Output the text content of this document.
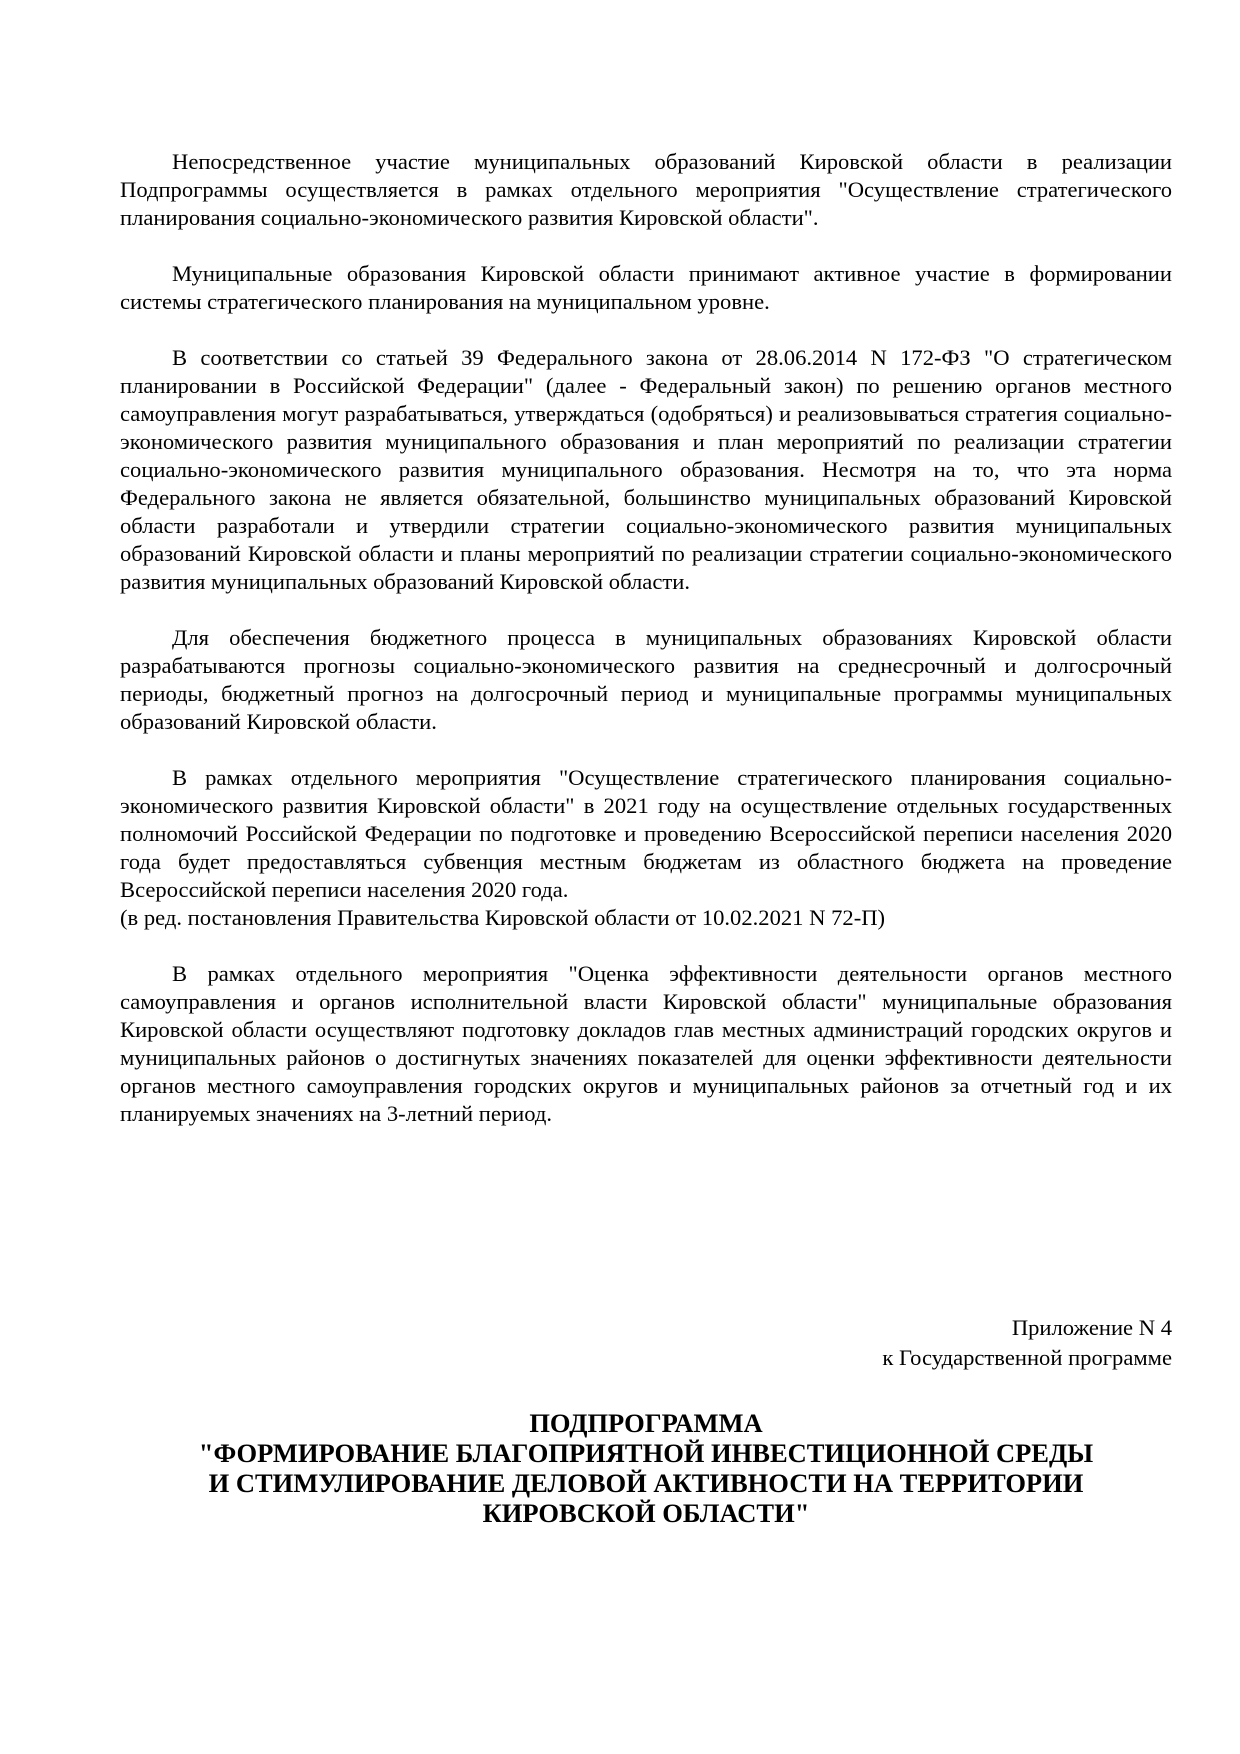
Непосредственное участие муниципальных образований Кировской области в реализации Подпрограммы осуществляется в рамках отдельного мероприятия "Осуществление стратегического планирования социально-экономического развития Кировской области".

Муниципальные образования Кировской области принимают активное участие в формировании системы стратегического планирования на муниципальном уровне.

В соответствии со статьей 39 Федерального закона от 28.06.2014 N 172-ФЗ "О стратегическом планировании в Российской Федерации" (далее - Федеральный закон) по решению органов местного самоуправления могут разрабатываться, утверждаться (одобряться) и реализовываться стратегия социально-экономического развития муниципального образования и план мероприятий по реализации стратегии социально-экономического развития муниципального образования. Несмотря на то, что эта норма Федерального закона не является обязательной, большинство муниципальных образований Кировской области разработали и утвердили стратегии социально-экономического развития муниципальных образований Кировской области и планы мероприятий по реализации стратегии социально-экономического развития муниципальных образований Кировской области.

Для обеспечения бюджетного процесса в муниципальных образованиях Кировской области разрабатываются прогнозы социально-экономического развития на среднесрочный и долгосрочный периоды, бюджетный прогноз на долгосрочный период и муниципальные программы муниципальных образований Кировской области.

В рамках отдельного мероприятия "Осуществление стратегического планирования социально-экономического развития Кировской области" в 2021 году на осуществление отдельных государственных полномочий Российской Федерации по подготовке и проведению Всероссийской переписи населения 2020 года будет предоставляться субвенция местным бюджетам из областного бюджета на проведение Всероссийской переписи населения 2020 года.

(в ред. постановления Правительства Кировской области от 10.02.2021 N 72-П)

В рамках отдельного мероприятия "Оценка эффективности деятельности органов местного самоуправления и органов исполнительной власти Кировской области" муниципальные образования Кировской области осуществляют подготовку докладов глав местных администраций городских округов и муниципальных районов о достигнутых значениях показателей для оценки эффективности деятельности органов местного самоуправления городских округов и муниципальных районов за отчетный год и их планируемых значениях на 3-летний период.

Приложение N 4
к Государственной программе
ПОДПРОГРАММА
"ФОРМИРОВАНИЕ БЛАГОПРИЯТНОЙ ИНВЕСТИЦИОННОЙ СРЕДЫ
И СТИМУЛИРОВАНИЕ ДЕЛОВОЙ АКТИВНОСТИ НА ТЕРРИТОРИИ
КИРОВСКОЙ ОБЛАСТИ"
